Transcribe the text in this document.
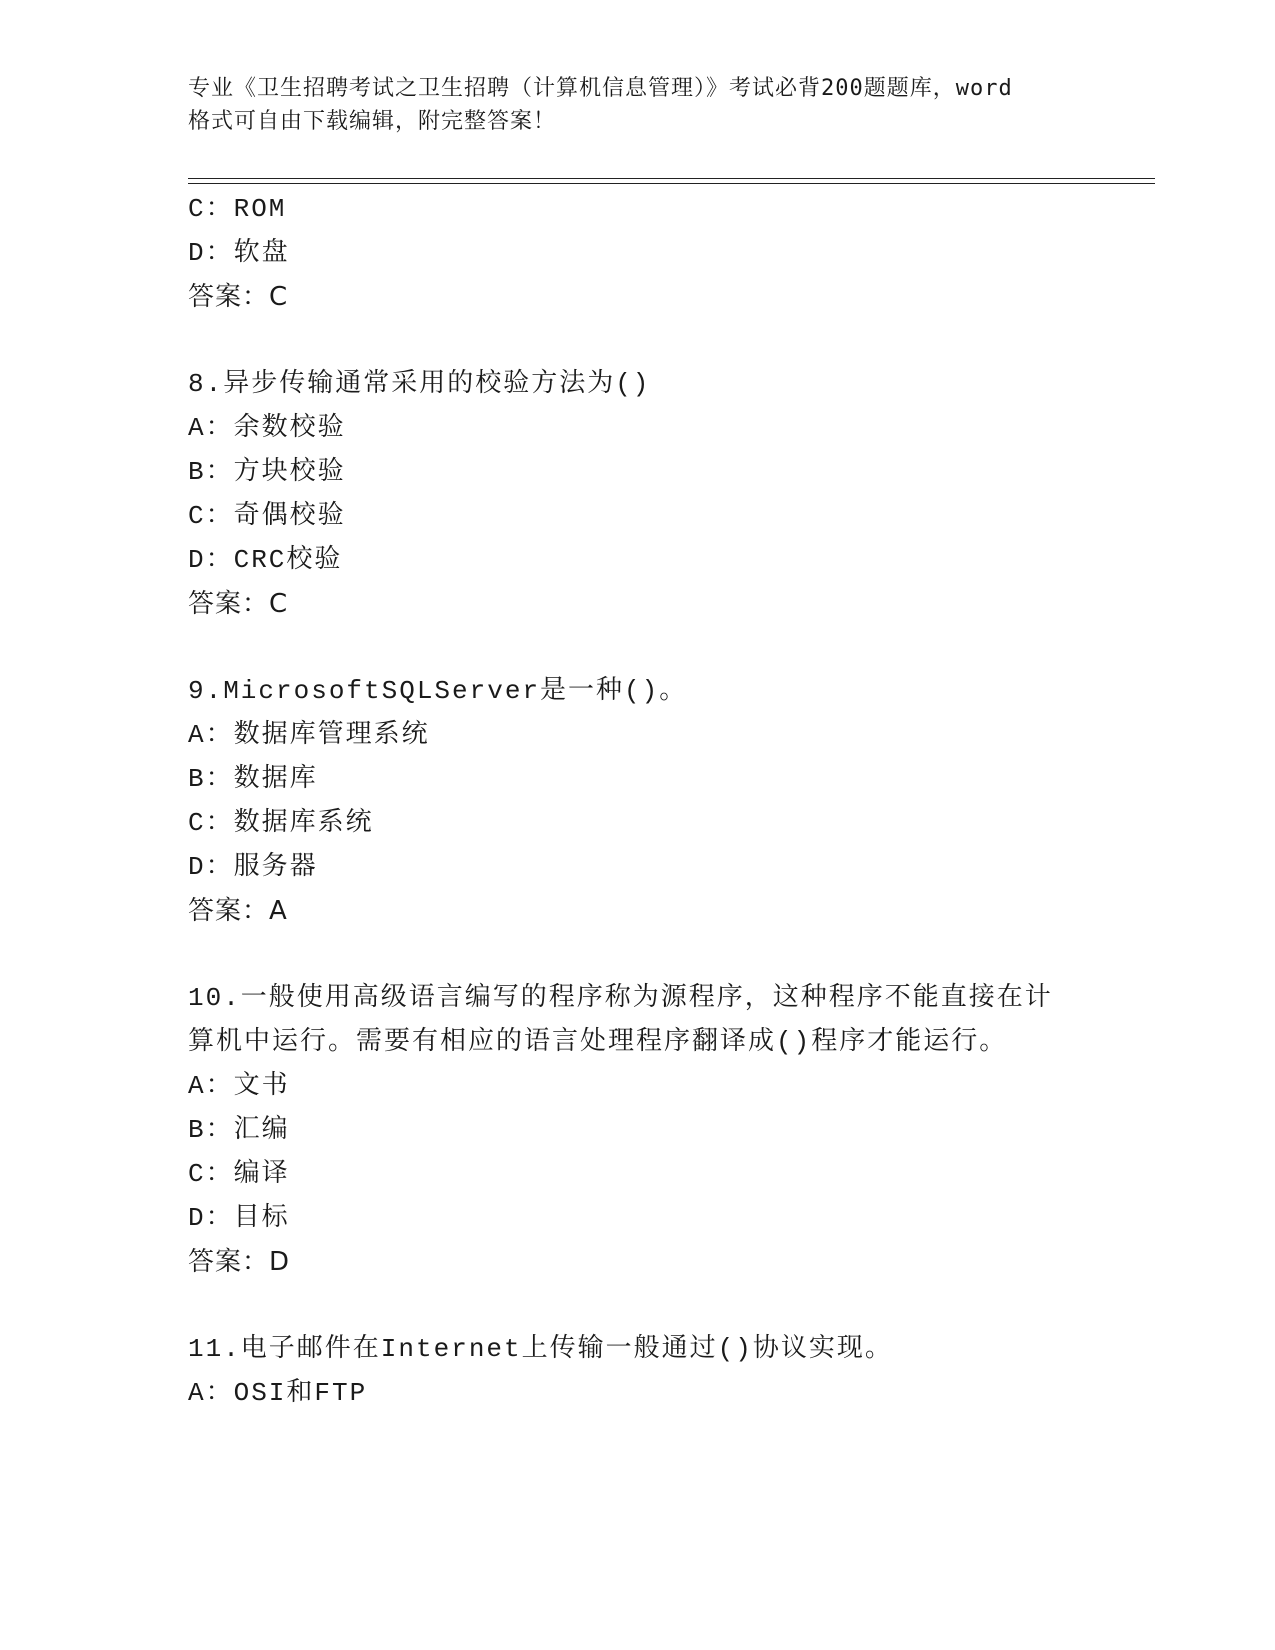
专业《卫生招聘考试之卫生招聘（计算机信息管理）》考试必背200题题库，word
格式可自由下载编辑，附完整答案！
C：ROM
D：软盘
答案：C
8.异步传输通常采用的校验方法为()
A：余数校验
B：方块校验
C：奇偶校验
D：CRC校验
答案：C
9.MicrosoftSQLServer是一种()。
A：数据库管理系统
B：数据库
C：数据库系统
D：服务器
答案：A
10.一般使用高级语言编写的程序称为源程序，这种程序不能直接在计
算机中运行。需要有相应的语言处理程序翻译成()程序才能运行。
A：文书
B：汇编
C：编译
D：目标
答案：D
11.电子邮件在Internet上传输一般通过()协议实现。
A：OSI和FTP
